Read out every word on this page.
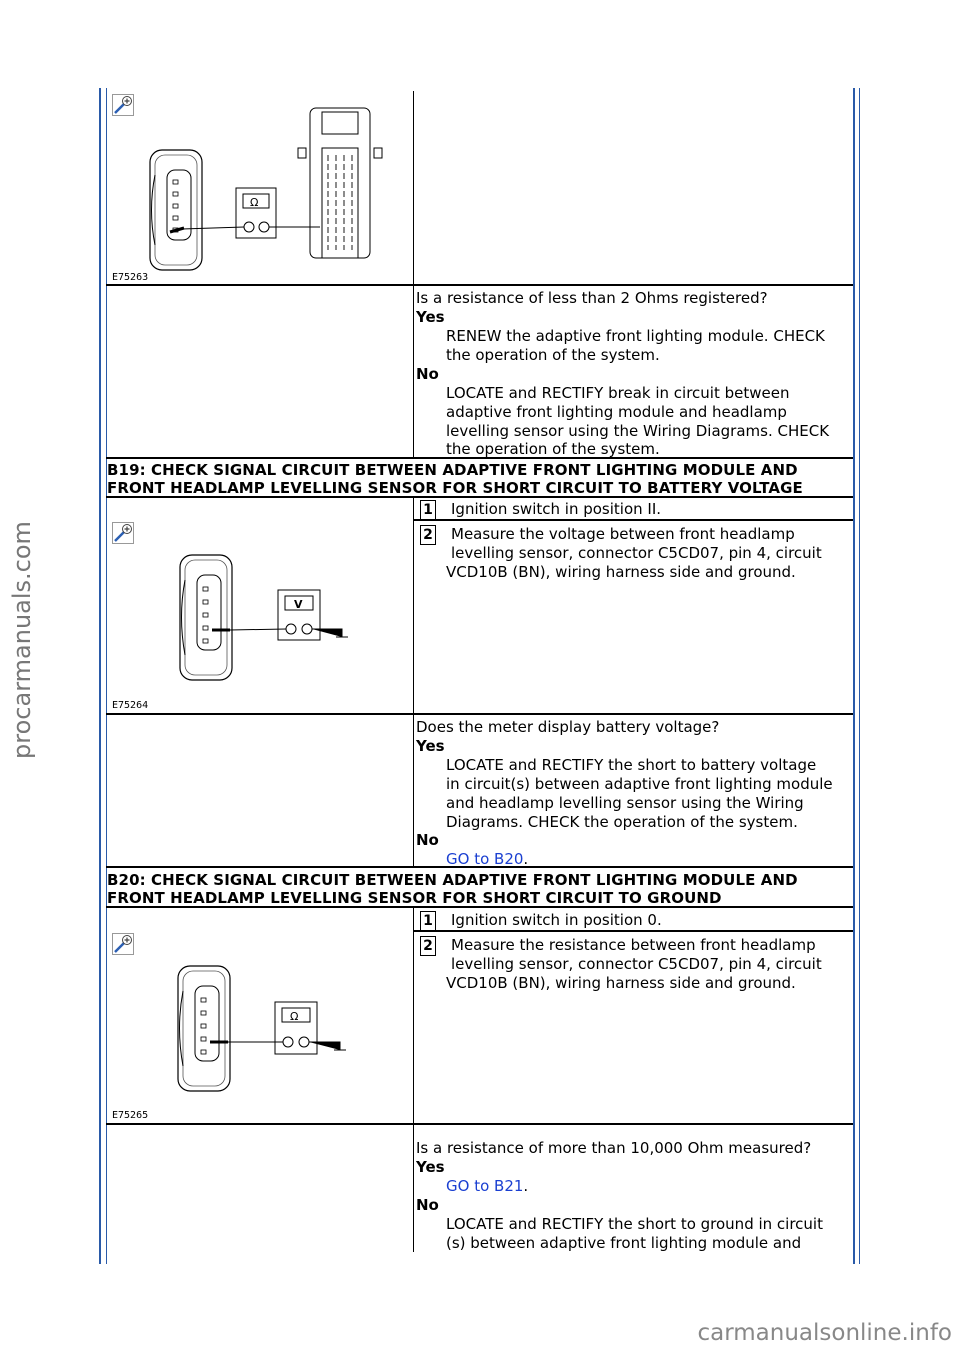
procarmanuals.com
carmanualsonline.info
Ω
E75263
Is a resistance of less than 2 Ohms registered?
Yes
RENEW the adaptive front lighting module. CHECK
the operation of the system.
No
LOCATE and RECTIFY break in circuit between
adaptive front lighting module and headlamp
levelling sensor using the Wiring Diagrams. CHECK
the operation of the system.
B19: CHECK SIGNAL CIRCUIT BETWEEN ADAPTIVE FRONT LIGHTING MODULE AND
FRONT HEADLAMP LEVELLING SENSOR FOR SHORT CIRCUIT TO BATTERY VOLTAGE
1 Ignition switch in position II.
2 Measure the voltage between front headlamp
levelling sensor, connector C5CD07, pin 4, circuit
VCD10B (BN), wiring harness side and ground.
V
E75264
Does the meter display battery voltage?
Yes
LOCATE and RECTIFY the short to battery voltage
in circuit(s) between adaptive front lighting module
and headlamp levelling sensor using the Wiring
Diagrams. CHECK the operation of the system.
No
GO to B20.
B20: CHECK SIGNAL CIRCUIT BETWEEN ADAPTIVE FRONT LIGHTING MODULE AND
FRONT HEADLAMP LEVELLING SENSOR FOR SHORT CIRCUIT TO GROUND
1 Ignition switch in position 0.
2 Measure the resistance between front headlamp
levelling sensor, connector C5CD07, pin 4, circuit
VCD10B (BN), wiring harness side and ground.
Ω
E75265
Is a resistance of more than 10,000 Ohm measured?
Yes
GO to B21.
No
LOCATE and RECTIFY the short to ground in circuit
(s) between adaptive front lighting module and
